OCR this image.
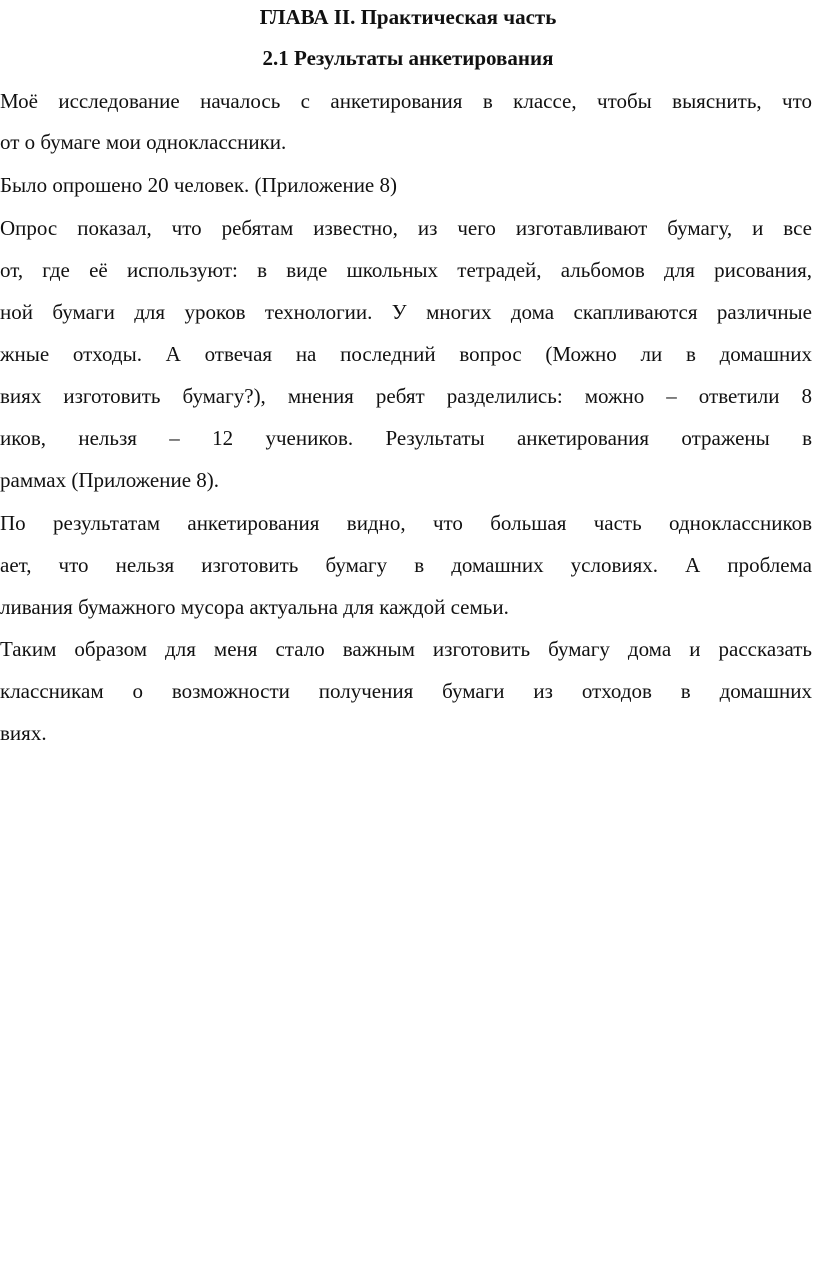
ГЛАВА II. Практическая часть
2.1 Результаты анкетирования

Моё исследование началось с анкетирования в классе, чтобы выяснить, что

от о бумаге мои одноклассники.

Было опрошено 20 человек. (Приложение 8)

Опрос показал, что ребятам известно, из чего изготавливают бумагу, и все

от, где её используют: в виде школьных тетрадей, альбомов для рисования,

ной бумаги для уроков технологии. У многих дома скапливаются различные

жные отходы. А отвечая на последний вопрос (Можно ли в домашних

виях изготовить бумагу?), мнения ребят разделились: можно – ответили 8

иков, нельзя – 12 учеников. Результаты анкетирования отражены в

раммах (Приложение 8).

По результатам анкетирования видно, что большая часть одноклассников

ает, что нельзя изготовить бумагу в домашних условиях. А проблема

ливания бумажного мусора актуальна для каждой семьи.

Таким образом для меня стало важным изготовить бумагу дома и рассказать

классникам о возможности получения бумаги из отходов в домашних

виях.
